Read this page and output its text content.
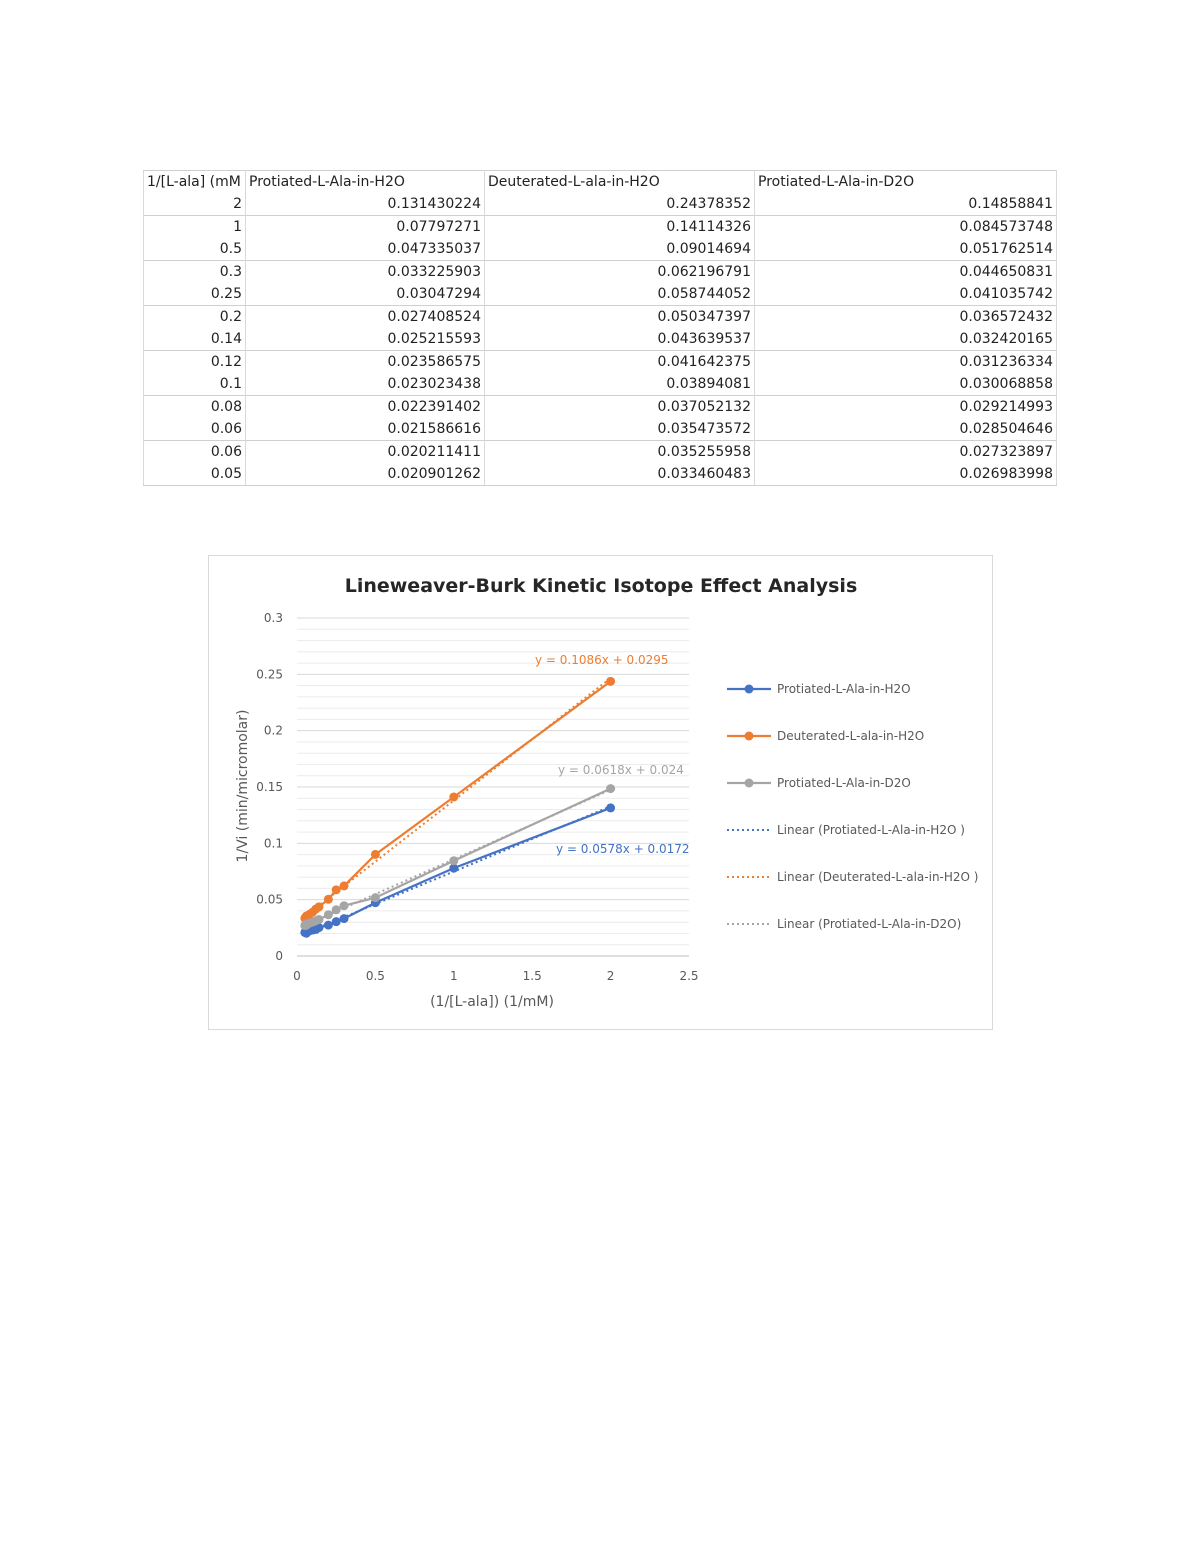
1/[L-ala] (mM	Protiated-L-Ala-in-H2O	Deuterated-L-ala-in-H2O	Protiated-L-Ala-in-D2O
2	0.131430224	0.24378352	0.14858841
1	0.07797271	0.14114326	0.084573748
0.5	0.047335037	0.09014694	0.051762514
0.3	0.033225903	0.062196791	0.044650831
0.25	0.03047294	0.058744052	0.041035742
0.2	0.027408524	0.050347397	0.036572432
0.14	0.025215593	0.043639537	0.032420165
0.12	0.023586575	0.041642375	0.031236334
0.1	0.023023438	0.03894081	0.030068858
0.08	0.022391402	0.037052132	0.029214993
0.06	0.021586616	0.035473572	0.028504646
0.06	0.020211411	0.035255958	0.027323897
0.05	0.020901262	0.033460483	0.026983998
Lineweaver-Burk Kinetic Isotope Effect Analysis
0
0.05
0.1
0.15
0.2
0.25
0.3
0	0.5	1	1.5	2	2.5
y = 0.0578x + 0.0172
y = 0.1086x + 0.0295
y = 0.0618x + 0.024
(1/[L-ala]) (1/mM)
1/Vi (min/micromolar)
Protiated-L-Ala-in-H2O
Deuterated-L-ala-in-H2O
Protiated-L-Ala-in-D2O
Linear (Protiated-L-Ala-in-H2O )
Linear (Deuterated-L-ala-in-H2O )
Linear (Protiated-L-Ala-in-D2O)
